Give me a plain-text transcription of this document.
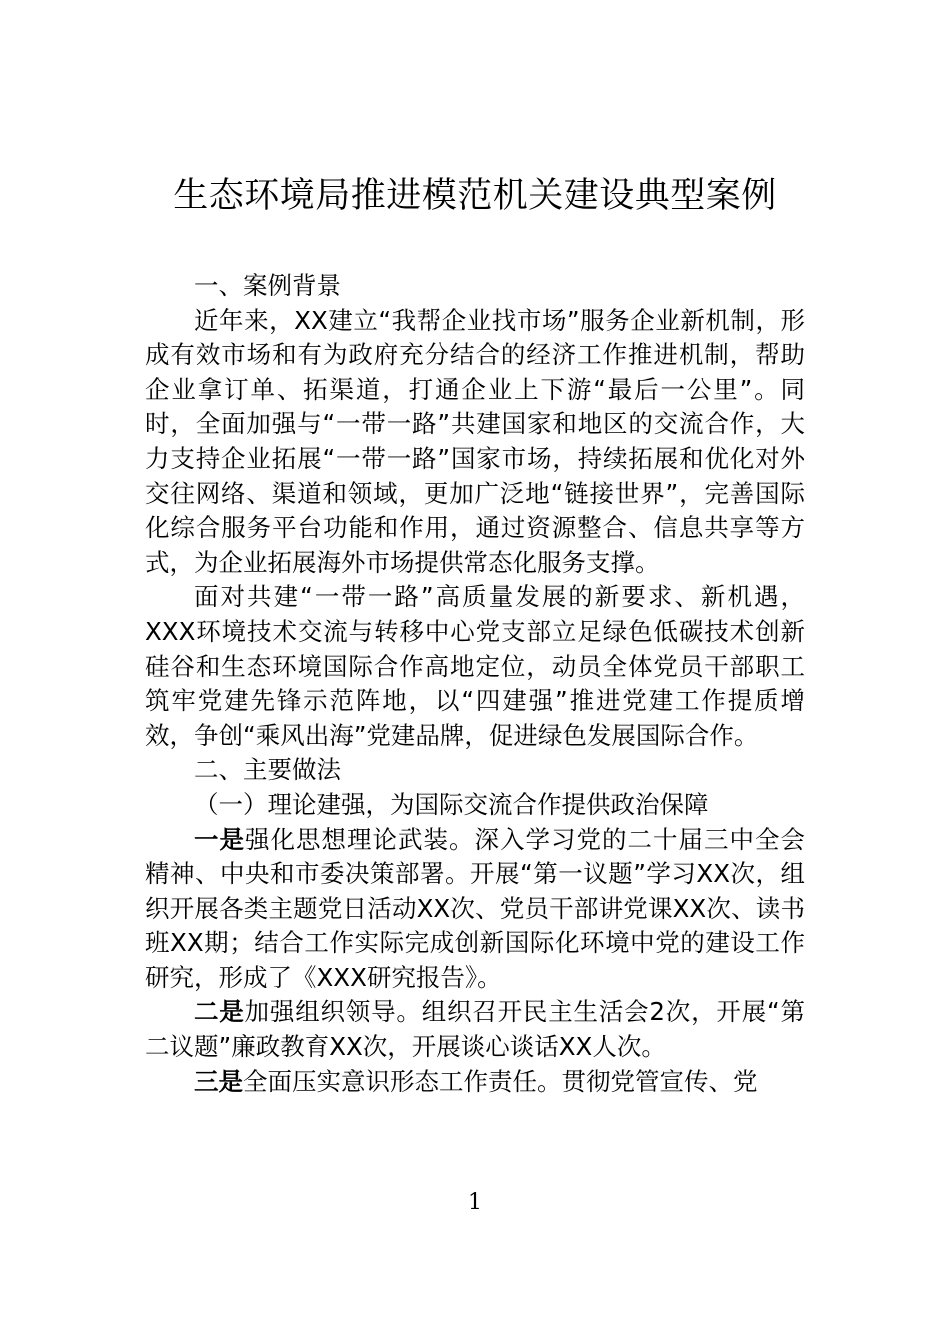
生态环境局推进模范机关建设典型案例

一、案例背景

近年来，XX建立“我帮企业找市场”服务企业新机制，形成有效市场和有为政府充分结合的经济工作推进机制，帮助企业拿订单、拓渠道，打通企业上下游“最后一公里”。同时，全面加强与“一带一路”共建国家和地区的交流合作，大力支持企业拓展“一带一路”国家市场，持续拓展和优化对外交往网络、渠道和领域，更加广泛地“链接世界”，完善国际化综合服务平台功能和作用，通过资源整合、信息共享等方式，为企业拓展海外市场提供常态化服务支撑。

面对共建“一带一路”高质量发展的新要求、新机遇，XXX环境技术交流与转移中心党支部立足绿色低碳技术创新硅谷和生态环境国际合作高地定位，动员全体党员干部职工筑牢党建先锋示范阵地，以“四建强”推进党建工作提质增效，争创“乘风出海”党建品牌，促进绿色发展国际合作。

二、主要做法

（一）理论建强，为国际交流合作提供政治保障

一是强化思想理论武装。深入学习党的二十届三中全会精神、中央和市委决策部署。开展“第一议题”学习XX次，组织开展各类主题党日活动XX次、党员干部讲党课XX次、读书班XX期；结合工作实际完成创新国际化环境中党的建设工作研究，形成了《XXX研究报告》。

二是加强组织领导。组织召开民主生活会2次，开展“第二议题”廉政教育XX次，开展谈心谈话XX人次。

三是全面压实意识形态工作责任。贯彻党管宣传、党

1
